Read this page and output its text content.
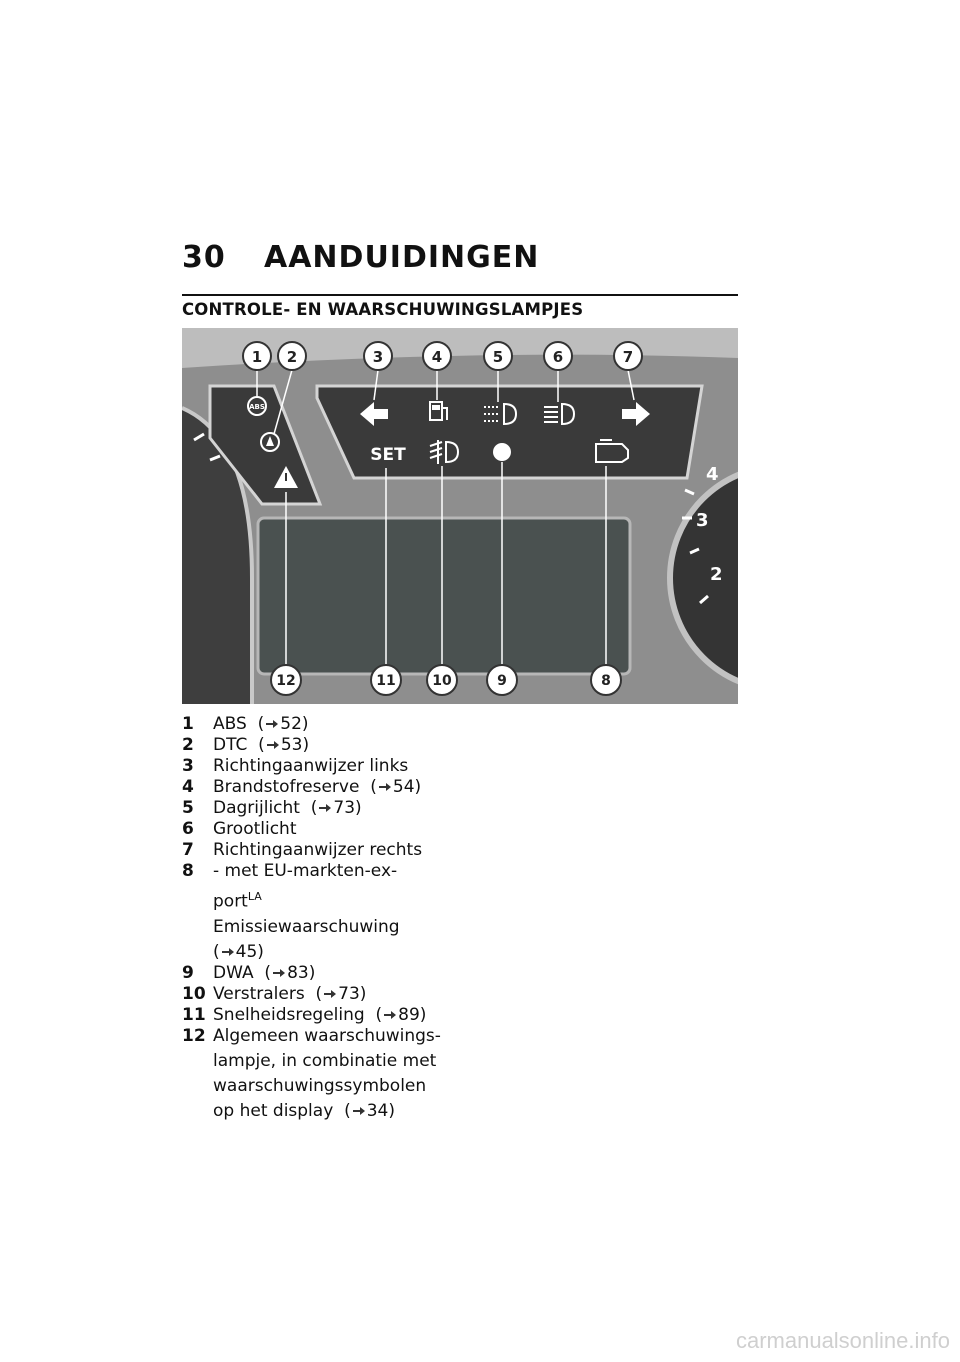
30 AANDUIDINGEN
CONTROLE- EN WAARSCHUWINGSLAMPJES
4
3
2
ABS
SET
1 2	3	4	5	6	7
12	11	10	9	8
1	ABS  ( 52)
2	DTC  ( 53)
3	Richtingaanwijzer links
4	Brandstofreserve  ( 54)
5	Dagrijlicht  ( 73)
6	Grootlicht
7	Richtingaanwijzer rechts
8	- met EU-markten-ex-
port$^{LA}$
Emissiewaarschuwing
( 45)
9	DWA  ( 83)
10 Verstralers  ( 73)
11 Snelheidsregeling  ( 89)
12 Algemeen waarschuwings-
lampje, in combinatie met
waarschuwingssymbolen
op het display  ( 34)
carmanualsonline.info
